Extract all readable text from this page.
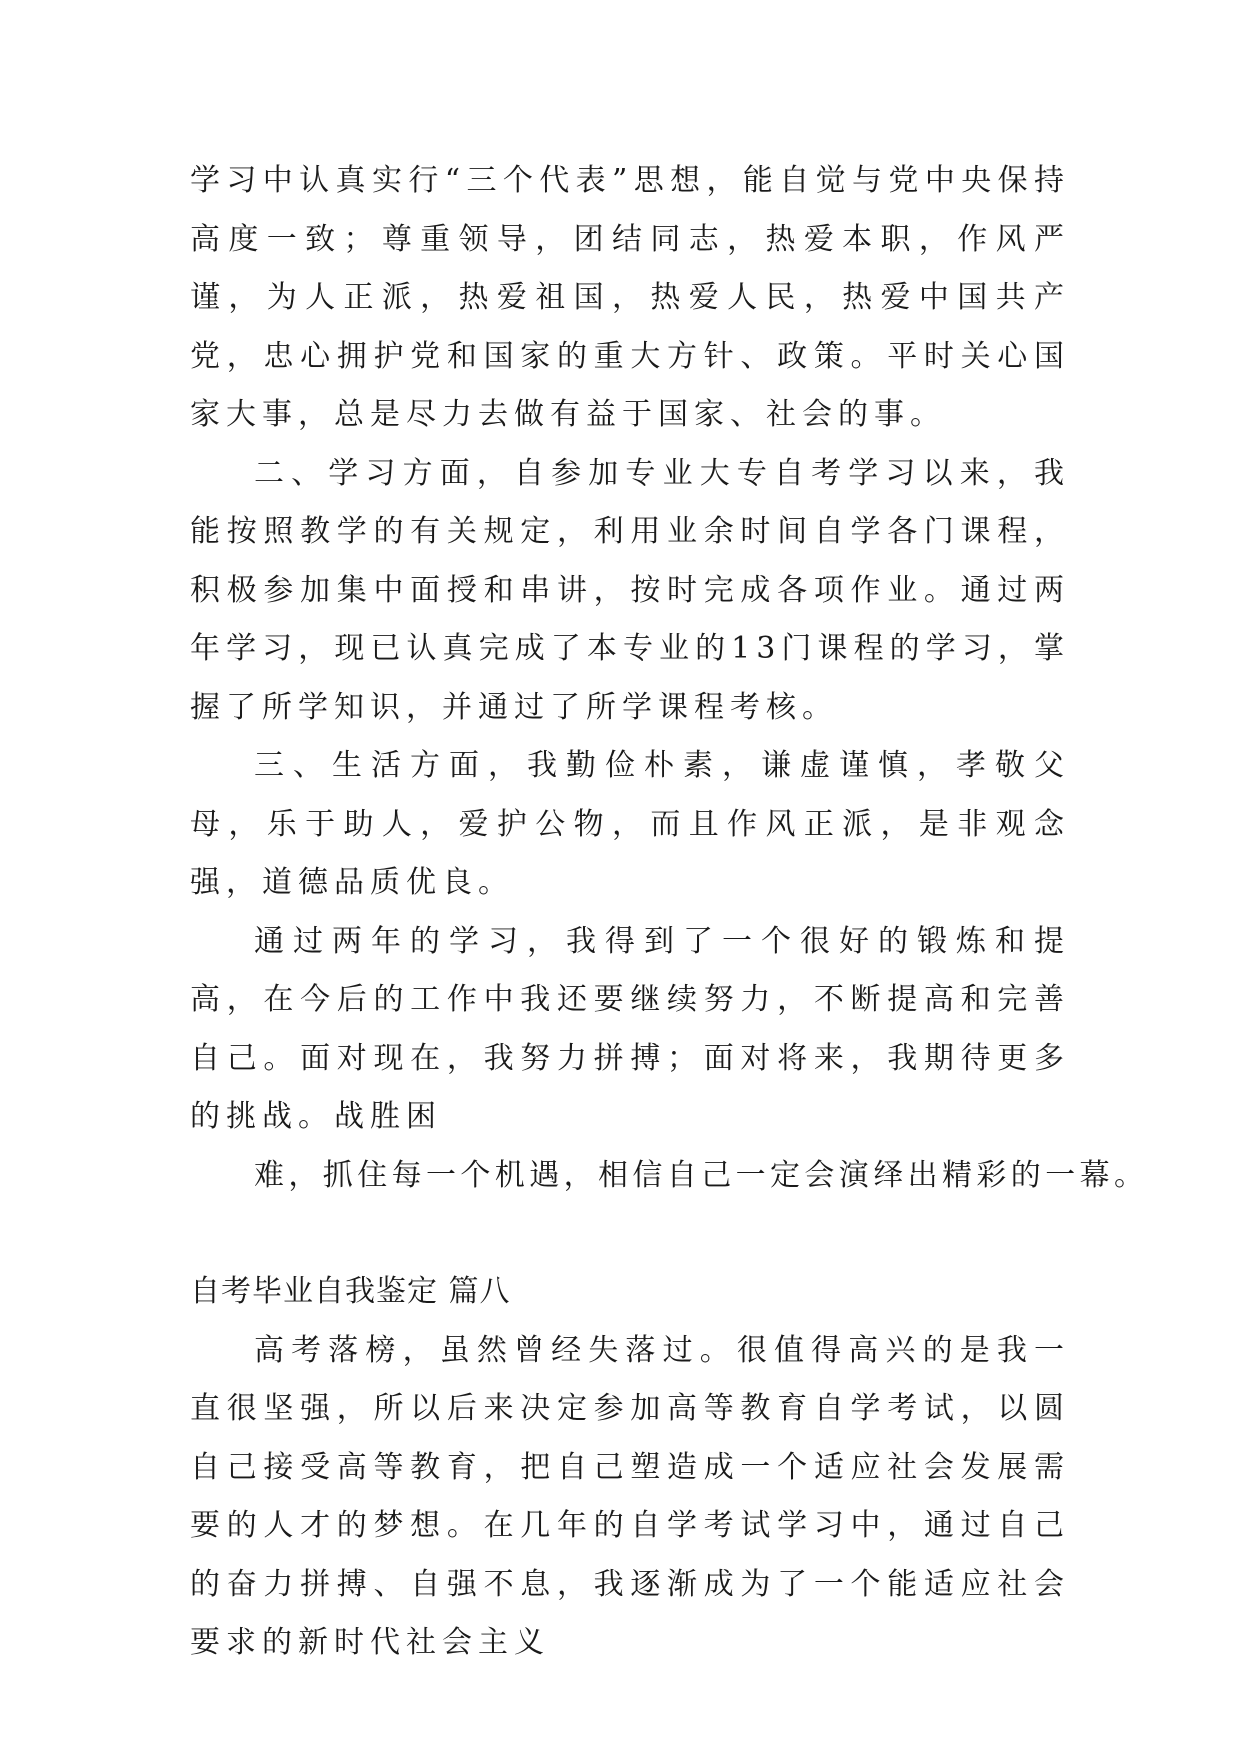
学习中认真实行“三个代表”思想，能自觉与党中央保持高度一致；尊重领导，团结同志，热爱本职，作风严谨，为人正派，热爱祖国，热爱人民，热爱中国共产党，忠心拥护党和国家的重大方针、政策。平时关心国家大事，总是尽力去做有益于国家、社会的事。

二、学习方面，自参加专业大专自考学习以来，我能按照教学的有关规定，利用业余时间自学各门课程，积极参加集中面授和串讲，按时完成各项作业。通过两年学习，现已认真完成了本专业的13门课程的学习，掌握了所学知识，并通过了所学课程考核。

三、生活方面，我勤俭朴素，谦虚谨慎，孝敬父母，乐于助人，爱护公物，而且作风正派，是非观念强，道德品质优良。

通过两年的学习，我得到了一个很好的锻炼和提高，在今后的工作中我还要继续努力，不断提高和完善自己。面对现在，我努力拼搏；面对将来，我期待更多的挑战。战胜困
难，抓住每一个机遇，相信自己一定会演绎出精彩的一幕。

自考毕业自我鉴定 篇八

高考落榜，虽然曾经失落过。很值得高兴的是我一直很坚强，所以后来决定参加高等教育自学考试，以圆自己接受高等教育，把自己塑造成一个适应社会发展需要的人才的梦想。在几年的自学考试学习中，通过自己的奋力拼搏、自强不息，我逐渐成为了一个能适应社会要求的新时代社会主义
